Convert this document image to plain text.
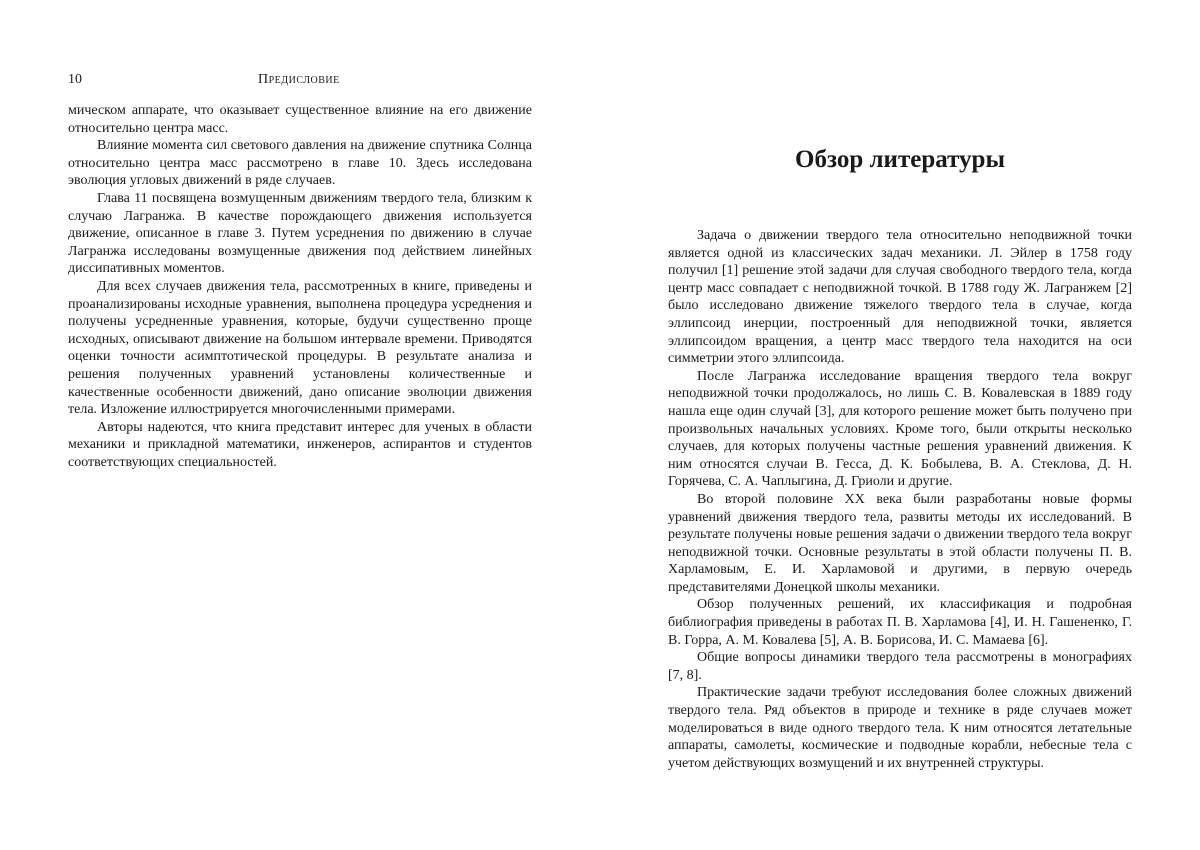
10	Предисловие

мическом аппарате, что оказывает существенное влияние на его движение относительно центра масс.

Влияние момента сил светового давления на движение спутника Солнца относительно центра масс рассмотрено в главе 10. Здесь исследована эволюция угловых движений в ряде случаев.

Глава 11 посвящена возмущенным движениям твердого тела, близким к случаю Лагранжа. В качестве порождающего движения используется движение, описанное в главе 3. Путем усреднения по движению в случае Лагранжа исследованы возмущенные движения под действием линейных диссипативных моментов.

Для всех случаев движения тела, рассмотренных в книге, приведены и проанализированы исходные уравнения, выполнена процедура усреднения и получены усредненные уравнения, которые, будучи существенно проще исходных, описывают движение на большом интервале времени. Приводятся оценки точности асимптотической процедуры. В результате анализа и решения полученных уравнений установлены количественные и качественные особенности движений, дано описание эволюции движения тела. Изложение иллюстрируется многочисленными примерами.

Авторы надеются, что книга представит интерес для ученых в области механики и прикладной математики, инженеров, аспирантов и студентов соответствующих специальностей.

Обзор литературы

Задача о движении твердого тела относительно неподвижной точки является одной из классических задач механики. Л. Эйлер в 1758 году получил [1] решение этой задачи для случая свободного твердого тела, когда центр масс совпадает с неподвижной точкой. В 1788 году Ж. Лагранжем [2] было исследовано движение тяжелого твердого тела в случае, когда эллипсоид инерции, построенный для неподвижной точки, является эллипсоидом вращения, а центр масс твердого тела находится на оси симметрии этого эллипсоида.

После Лагранжа исследование вращения твердого тела вокруг неподвижной точки продолжалось, но лишь С. В. Ковалевская в 1889 году нашла еще один случай [3], для которого решение может быть получено при произвольных начальных условиях. Кроме того, были открыты несколько случаев, для которых получены частные решения уравнений движения. К ним относятся случаи В. Гесса, Д. К. Бобылева, В. А. Стеклова, Д. Н. Горячева, С. А. Чаплыгина, Д. Гриоли и другие.

Во второй половине XX века были разработаны новые формы уравнений движения твердого тела, развиты методы их исследований. В результате получены новые решения задачи о движении твердого тела вокруг неподвижной точки. Основные результаты в этой области получены П. В. Харламовым, Е. И. Харламовой и другими, в первую очередь представителями Донецкой школы механики.

Обзор полученных решений, их классификация и подробная библиография приведены в работах П. В. Харламова [4], И. Н. Гашененко, Г. В. Горра, А. М. Ковалева [5], А. В. Борисова, И. С. Мамаева [6].

Общие вопросы динамики твердого тела рассмотрены в монографиях [7, 8].

Практические задачи требуют исследования более сложных движений твердого тела. Ряд объектов в природе и технике в ряде случаев может моделироваться в виде одного твердого тела. К ним относятся летательные аппараты, самолеты, космические и подводные корабли, небесные тела с учетом действующих возмущений и их внутренней структуры.
